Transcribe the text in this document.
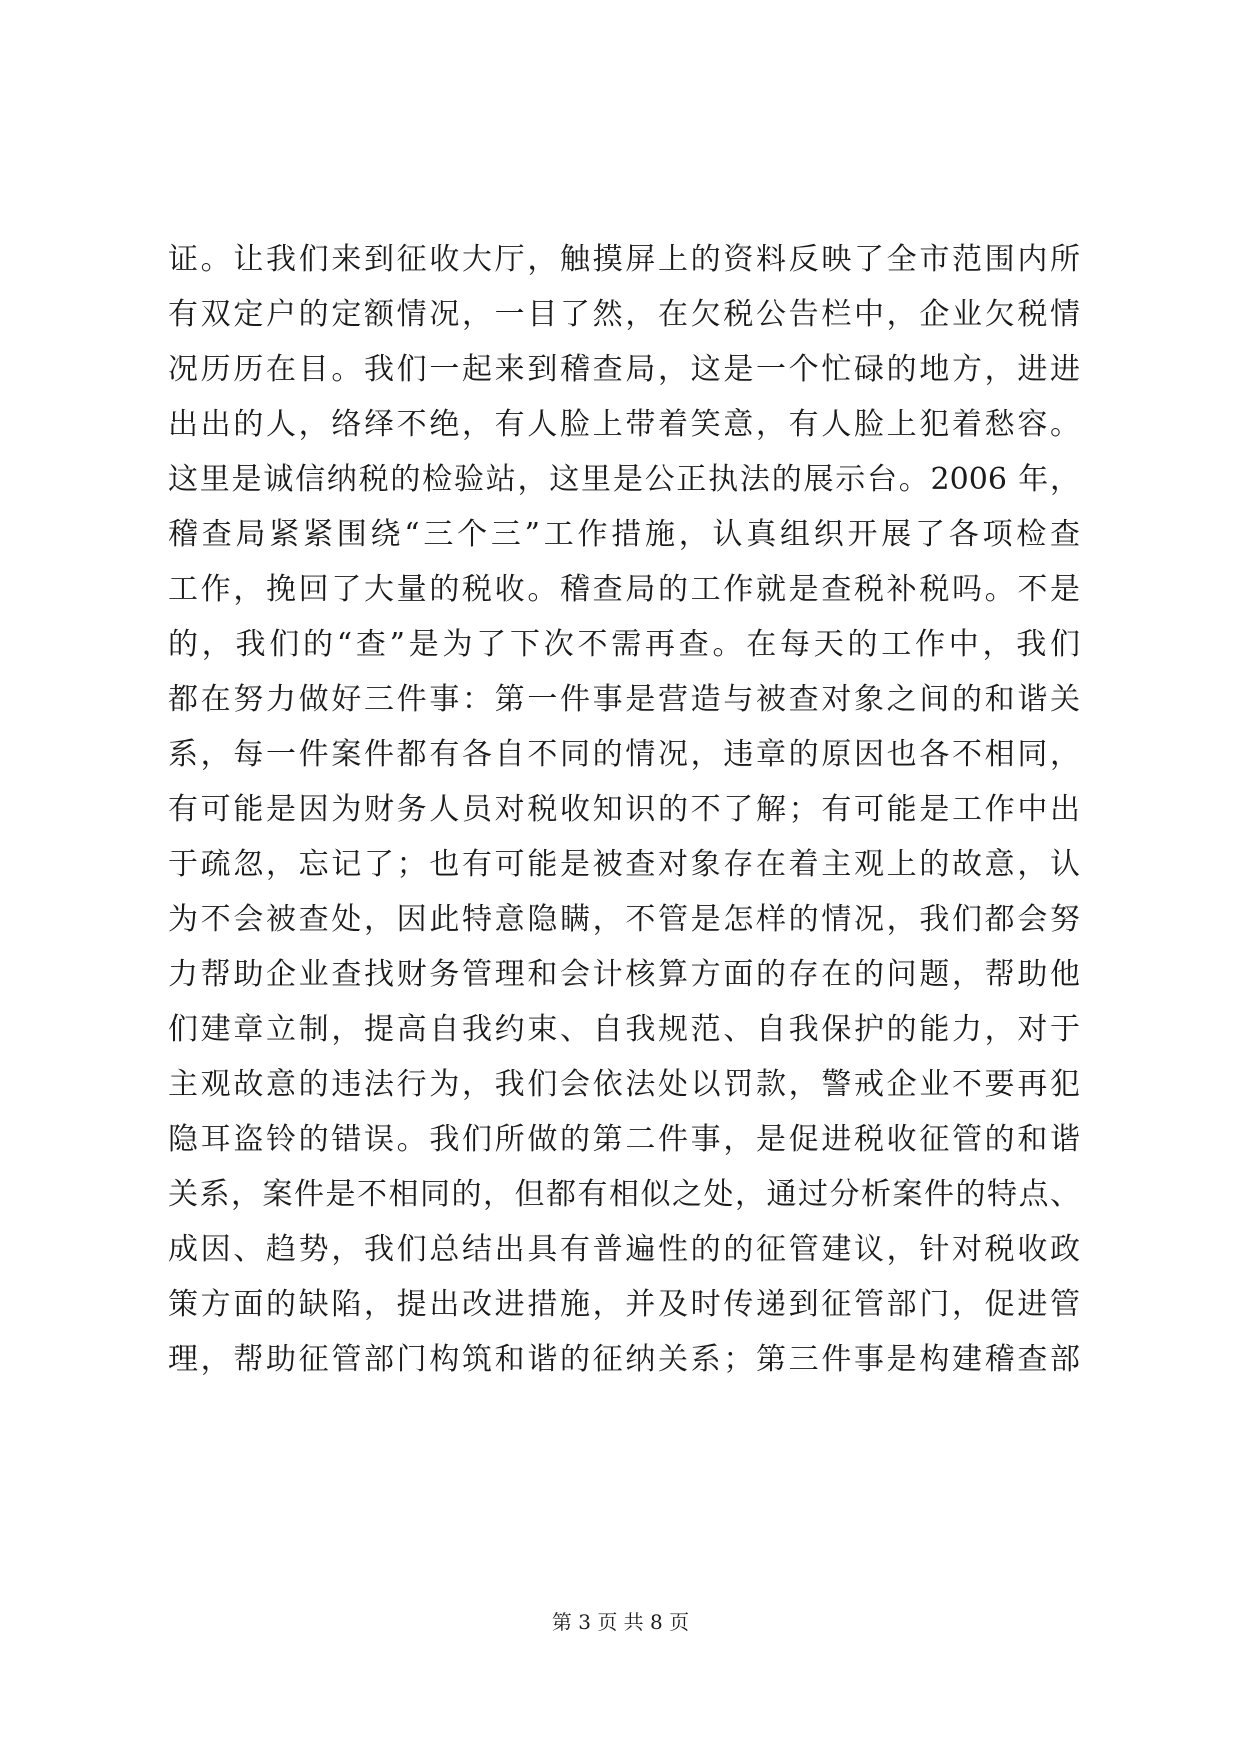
证。让我们来到征收大厅，触摸屏上的资料反映了全市范围内所
有双定户的定额情况，一目了然，在欠税公告栏中，企业欠税情
况历历在目。我们一起来到稽查局，这是一个忙碌的地方，进进
出出的人，络绎不绝，有人脸上带着笑意，有人脸上犯着愁容。
这里是诚信纳税的检验站，这里是公正执法的展示台。2006 年，
稽查局紧紧围绕“三个三”工作措施，认真组织开展了各项检查
工作，挽回了大量的税收。稽查局的工作就是查税补税吗。不是
的，我们的“查”是为了下次不需再查。在每天的工作中，我们
都在努力做好三件事：第一件事是营造与被查对象之间的和谐关
系，每一件案件都有各自不同的情况，违章的原因也各不相同，
有可能是因为财务人员对税收知识的不了解；有可能是工作中出
于疏忽，忘记了；也有可能是被查对象存在着主观上的故意，认
为不会被查处，因此特意隐瞒，不管是怎样的情况，我们都会努
力帮助企业查找财务管理和会计核算方面的存在的问题，帮助他
们建章立制，提高自我约束、自我规范、自我保护的能力，对于
主观故意的违法行为，我们会依法处以罚款，警戒企业不要再犯
隐耳盗铃的错误。我们所做的第二件事，是促进税收征管的和谐
关系，案件是不相同的，但都有相似之处，通过分析案件的特点、
成因、趋势，我们总结出具有普遍性的的征管建议，针对税收政
策方面的缺陷，提出改进措施，并及时传递到征管部门，促进管
理，帮助征管部门构筑和谐的征纳关系；第三件事是构建稽查部
第 3 页 共 8 页
